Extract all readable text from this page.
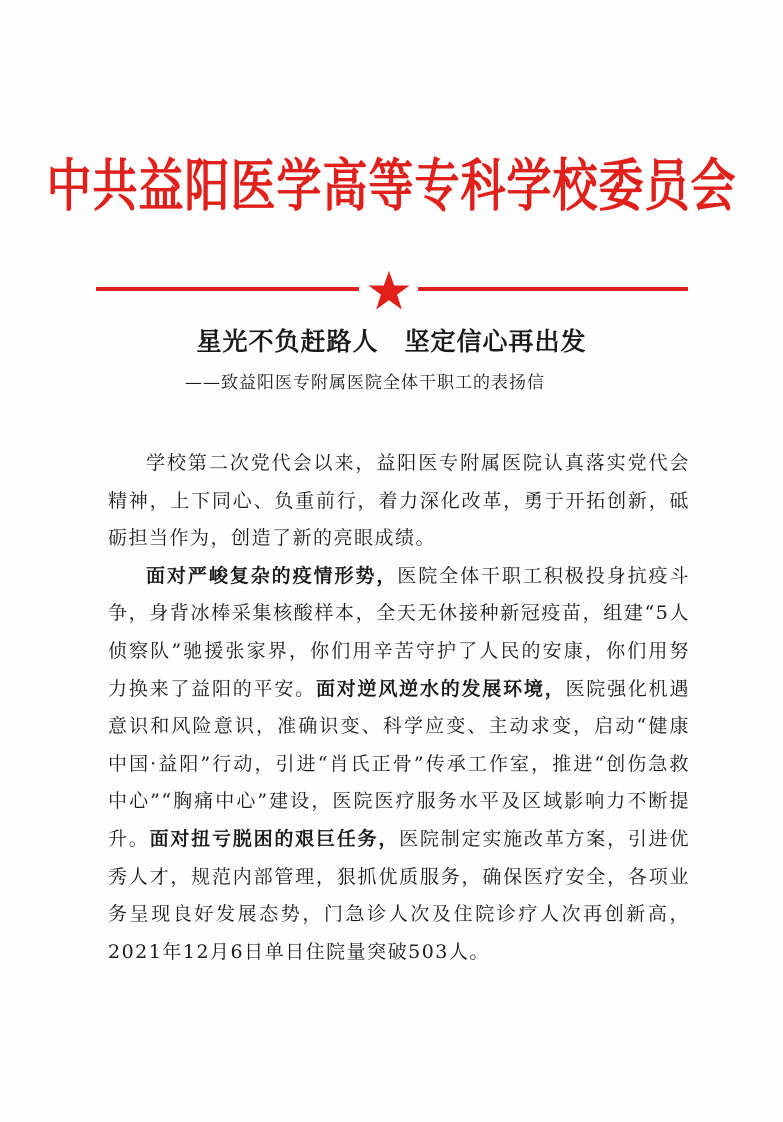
中共益阳医学高等专科学校委员会
星光不负赶路人　坚定信心再出发
——致益阳医专附属医院全体干职工的表扬信

学校第二次党代会以来，益阳医专附属医院认真落实党代会精神，上下同心、负重前行，着力深化改革，勇于开拓创新，砥砺担当作为，创造了新的亮眼成绩。

面对严峻复杂的疫情形势，医院全体干职工积极投身抗疫斗争，身背冰棒采集核酸样本，全天无休接种新冠疫苗，组建“5人侦察队”驰援张家界，你们用辛苦守护了人民的安康，你们用努力换来了益阳的平安。面对逆风逆水的发展环境，医院强化机遇意识和风险意识，准确识变、科学应变、主动求变，启动“健康中国·益阳”行动，引进“肖氏正骨”传承工作室，推进“创伤急救中心”“胸痛中心”建设，医院医疗服务水平及区域影响力不断提升。面对扭亏脱困的艰巨任务，医院制定实施改革方案，引进优秀人才，规范内部管理，狠抓优质服务，确保医疗安全，各项业务呈现良好发展态势，门急诊人次及住院诊疗人次再创新高，2021年12月6日单日住院量突破503人。
